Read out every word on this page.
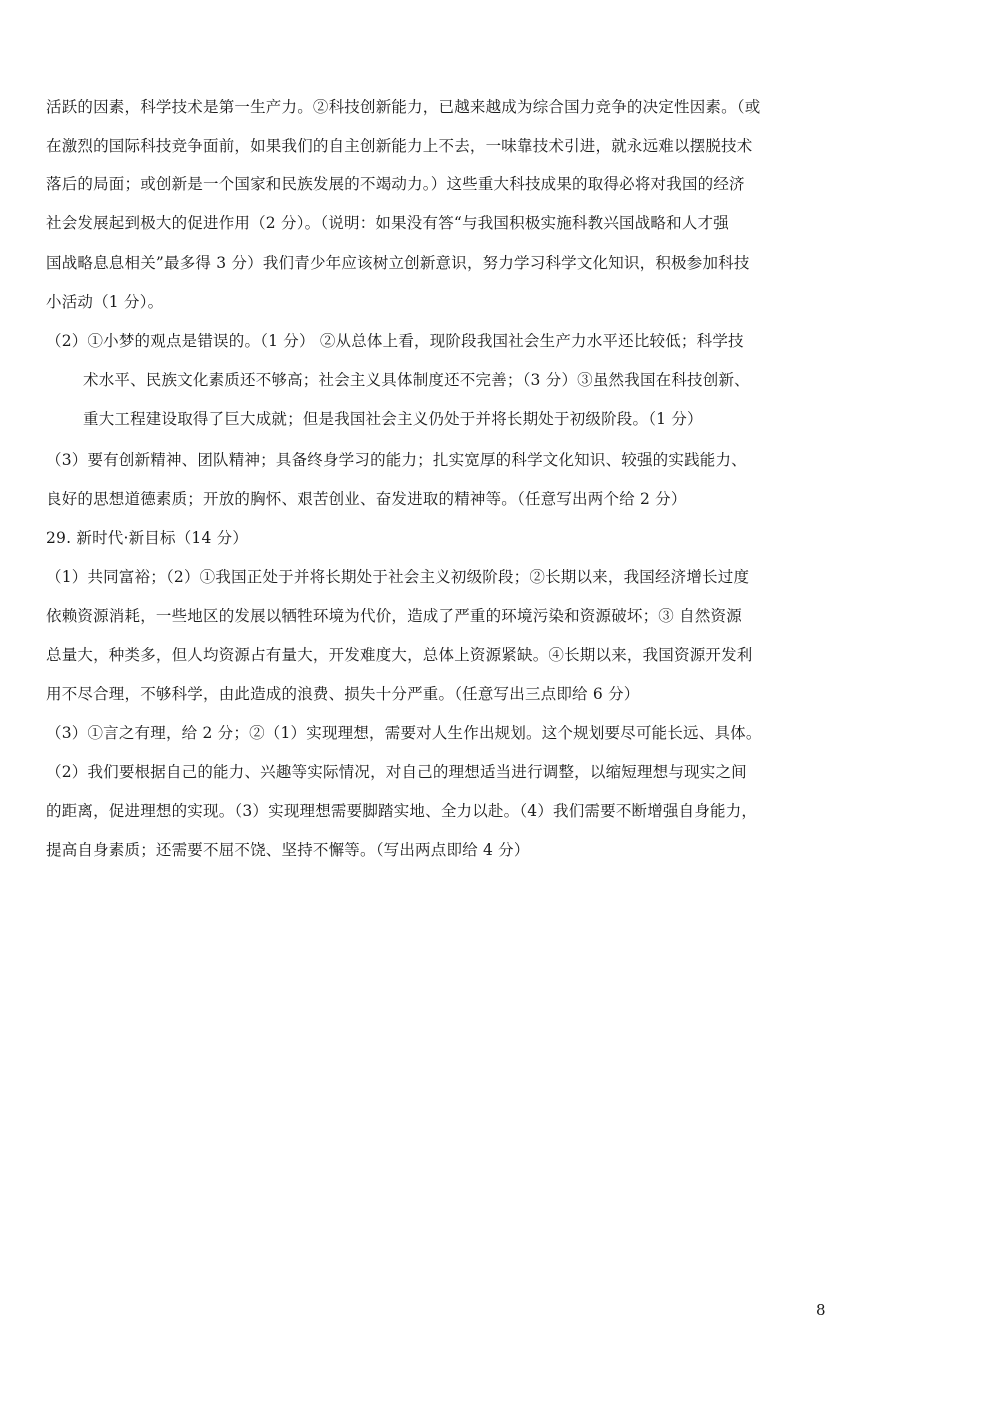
活跃的因素，科学技术是第一生产力。②科技创新能力，已越来越成为综合国力竞争的决定性因素。（或
在激烈的国际科技竞争面前，如果我们的自主创新能力上不去，一味靠技术引进，就永远难以摆脱技术
落后的局面；或创新是一个国家和民族发展的不竭动力。）这些重大科技成果的取得必将对我国的经济
社会发展起到极大的促进作用（2 分）。（说明：如果没有答“与我国积极实施科教兴国战略和人才强
国战略息息相关”最多得 3 分）我们青少年应该树立创新意识，努力学习科学文化知识，积极参加科技
小活动（1 分）。
（2）①小梦的观点是错误的。（1 分） ②从总体上看，现阶段我国社会生产力水平还比较低；科学技
术水平、民族文化素质还不够高；社会主义具体制度还不完善；（3 分）③虽然我国在科技创新、
重大工程建设取得了巨大成就；但是我国社会主义仍处于并将长期处于初级阶段。（1 分）
（3）要有创新精神、团队精神；具备终身学习的能力；扎实宽厚的科学文化知识、较强的实践能力、
良好的思想道德素质；开放的胸怀、艰苦创业、奋发进取的精神等。（任意写出两个给 2 分）
29. 新时代·新目标（14 分）
（1）共同富裕；（2）①我国正处于并将长期处于社会主义初级阶段；②长期以来，我国经济增长过度
依赖资源消耗，一些地区的发展以牺牲环境为代价，造成了严重的环境污染和资源破坏；③ 自然资源
总量大，种类多，但人均资源占有量大，开发难度大，总体上资源紧缺。④长期以来，我国资源开发利
用不尽合理，不够科学，由此造成的浪费、损失十分严重。（任意写出三点即给 6 分）
（3）①言之有理，给 2 分；②（1）实现理想，需要对人生作出规划。这个规划要尽可能长远、具体。
（2）我们要根据自己的能力、兴趣等实际情况，对自己的理想适当进行调整，以缩短理想与现实之间
的距离，促进理想的实现。（3）实现理想需要脚踏实地、全力以赴。（4）我们需要不断增强自身能力，
提高自身素质；还需要不屈不饶、坚持不懈等。（写出两点即给 4 分）
8
